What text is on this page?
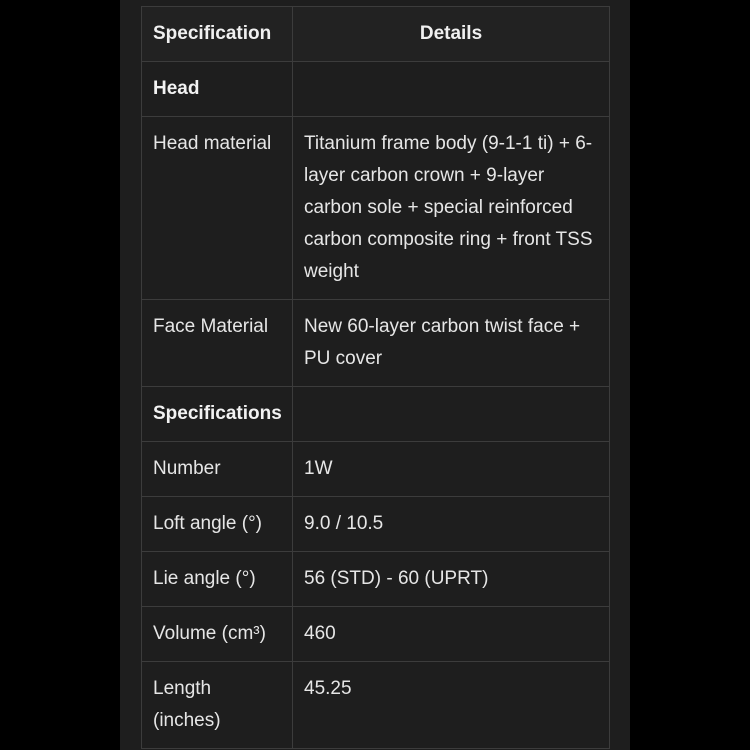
Specification	Details
Head	
Head material	Titanium frame body (9-1-1 ti) + 6-layer carbon crown + 9-layer carbon sole + special reinforced carbon composite ring + front TSS weight
Face Material	New 60-layer carbon twist face + PU cover
Specifications	
Number	1W
Loft angle (°)	9.0 / 10.5
Lie angle (°)	56 (STD) - 60 (UPRT)
Volume (cm³)	460
Length (inches)	45.25
